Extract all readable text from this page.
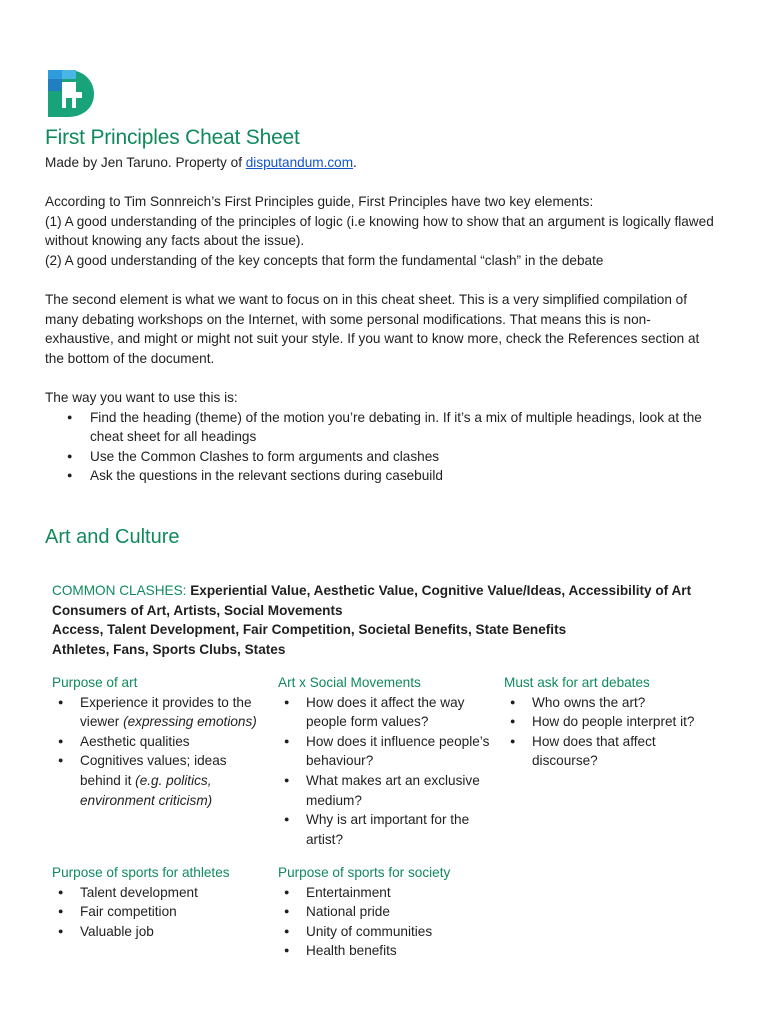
First Principles Cheat Sheet
Made by Jen Taruno. Property of disputandum.com.

According to Tim Sonnreich’s First Principles guide, First Principles have two key elements:

(1) A good understanding of the principles of logic (i.e knowing how to show that an argument is logically flawed without knowing any facts about the issue).

(2) A good understanding of the key concepts that form the fundamental “clash” in the debate

The second element is what we want to focus on in this cheat sheet. This is a very simplified compilation of many debating workshops on the Internet, with some personal modifications. That means this is non-exhaustive, and might or might not suit your style. If you want to know more, check the References section at the bottom of the document.
The way you want to use this is:
● Find the heading (theme) of the motion you’re debating in. If it’s a mix of multiple headings, look at the cheat sheet for all headings
● Use the Common Clashes to form arguments and clashes
● Ask the questions in the relevant sections during casebuild
Art and Culture
COMMON CLASHES: Experiential Value, Aesthetic Value, Cognitive Value/Ideas, Accessibility of Art
Consumers of Art, Artists, Social Movements
Access, Talent Development, Fair Competition, Societal Benefits, State Benefits
Athletes, Fans, Sports Clubs, States
Purpose of art
● Experience it provides to the viewer (expressing emotions)
● Aesthetic qualities
● Cognitives values; ideas behind it (e.g. politics, environment criticism)
Art x Social Movements
● How does it affect the way people form values?
● How does it influence people’s behaviour?
● What makes art an exclusive medium?
● Why is art important for the artist?
Must ask for art debates
● Who owns the art?
● How do people interpret it?
● How does that affect discourse?
Purpose of sports for athletes
● Talent development
● Fair competition
● Valuable job
Purpose of sports for society
● Entertainment
● National pride
● Unity of communities
● Health benefits
